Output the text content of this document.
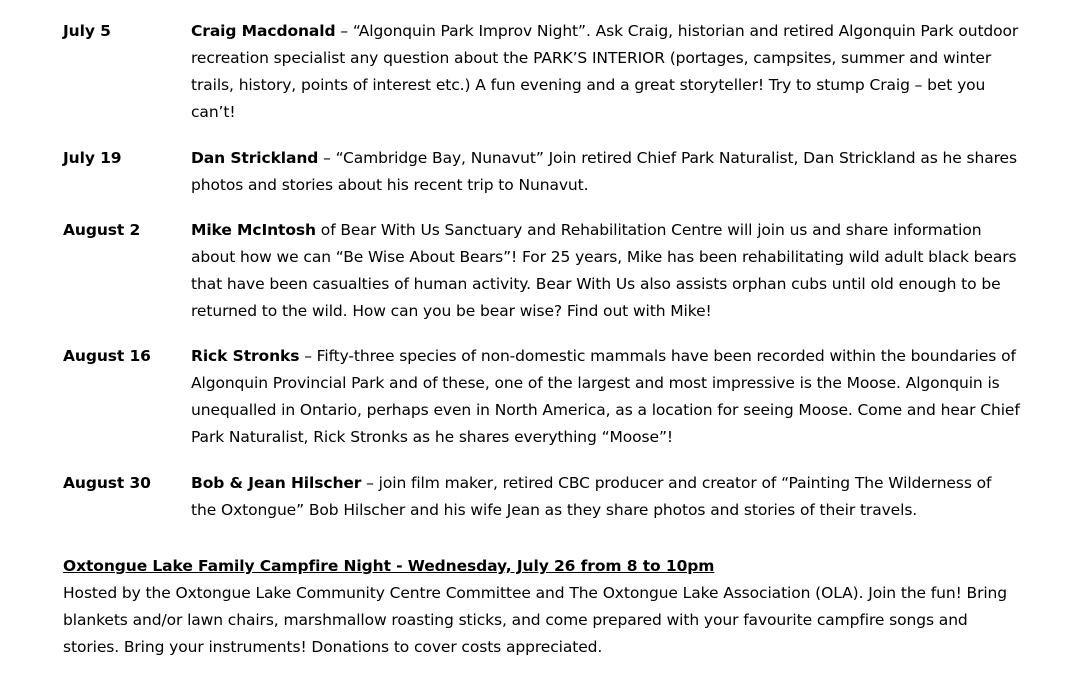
July 5	Craig Macdonald – “Algonquin Park Improv Night”. Ask Craig, historian and retired Algonquin Park outdoor recreation specialist any question about the PARK’S INTERIOR (portages, campsites, summer and winter trails, history, points of interest etc.) A fun evening and a great storyteller! Try to stump Craig – bet you can’t!
July 19	Dan Strickland – “Cambridge Bay, Nunavut” Join retired Chief Park Naturalist, Dan Strickland as he shares photos and stories about his recent trip to Nunavut.
August 2	Mike McIntosh of Bear With Us Sanctuary and Rehabilitation Centre will join us and share information about how we can “Be Wise About Bears”! For 25 years, Mike has been rehabilitating wild adult black bears that have been casualties of human activity. Bear With Us also assists orphan cubs until old enough to be returned to the wild. How can you be bear wise? Find out with Mike!
August 16	Rick Stronks – Fifty-three species of non-domestic mammals have been recorded within the boundaries of Algonquin Provincial Park and of these, one of the largest and most impressive is the Moose. Algonquin is unequalled in Ontario, perhaps even in North America, as a location for seeing Moose. Come and hear Chief Park Naturalist, Rick Stronks as he shares everything “Moose”!
August 30	Bob & Jean Hilscher – join film maker, retired CBC producer and creator of “Painting The Wilderness of the Oxtongue” Bob Hilscher and his wife Jean as they share photos and stories of their travels.
Oxtongue Lake Family Campfire Night - Wednesday, July 26 from 8 to 10pm
Hosted by the Oxtongue Lake Community Centre Committee and The Oxtongue Lake Association (OLA). Join the fun! Bring blankets and/or lawn chairs, marshmallow roasting sticks, and come prepared with your favourite campfire songs and stories. Bring your instruments! Donations to cover costs appreciated.
